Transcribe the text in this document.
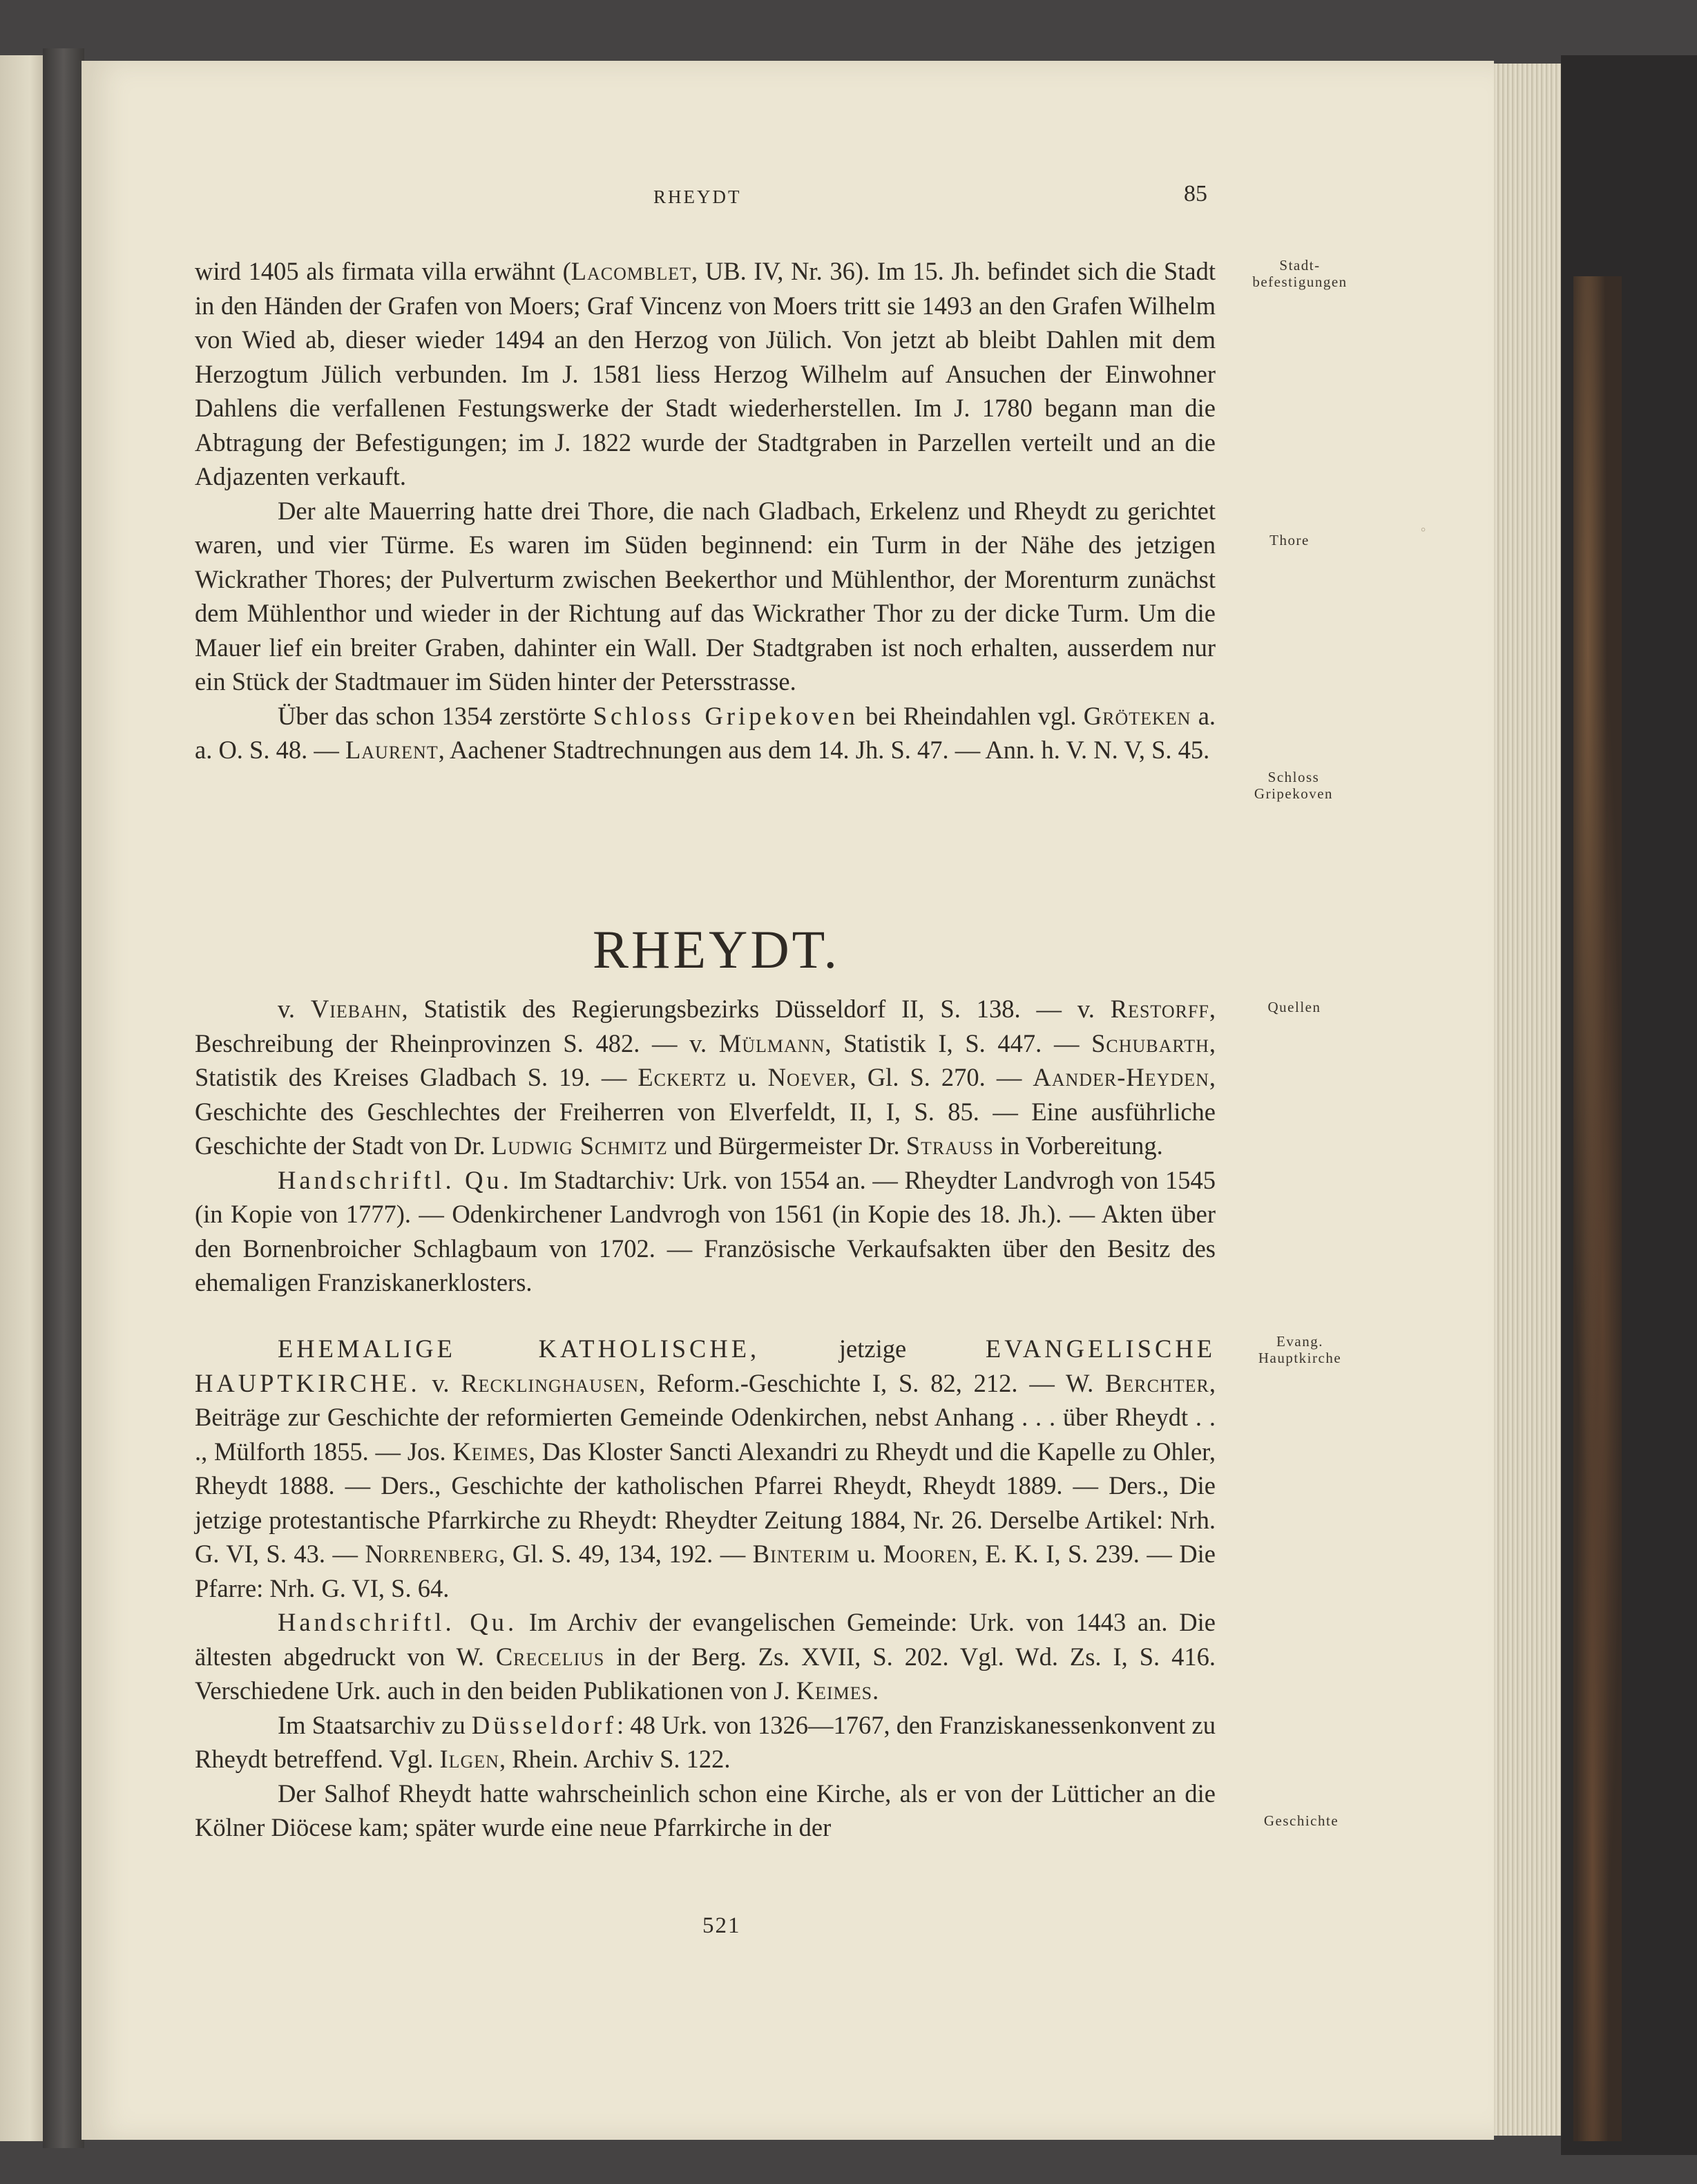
RHEYDT	85

wird 1405 als firmata villa erwähnt (Lacomblet, UB. IV, Nr. 36). Im 15. Jh. befindet sich die Stadt in den Händen der Grafen von Moers; Graf Vincenz von Moers tritt sie 1493 an den Grafen Wilhelm von Wied ab, dieser wieder 1494 an den Herzog von Jülich. Von jetzt ab bleibt Dahlen mit dem Herzogtum Jülich verbunden. Im J. 1581 liess Herzog Wilhelm auf Ansuchen der Einwohner Dahlens die verfallenen Festungswerke der Stadt wiederherstellen. Im J. 1780 begann man die Abtragung der Befestigungen; im J. 1822 wurde der Stadtgraben in Parzellen verteilt und an die Adjazenten verkauft.

Der alte Mauerring hatte drei Thore, die nach Gladbach, Erkelenz und Rheydt zu gerichtet waren, und vier Türme. Es waren im Süden beginnend: ein Turm in der Nähe des jetzigen Wickrather Thores; der Pulverturm zwischen Beekerthor und Mühlenthor, der Morenturm zunächst dem Mühlenthor und wieder in der Richtung auf das Wickrather Thor zu der dicke Turm. Um die Mauer lief ein breiter Graben, dahinter ein Wall. Der Stadtgraben ist noch erhalten, ausserdem nur ein Stück der Stadtmauer im Süden hinter der Petersstrasse.

Über das schon 1354 zerstörte Schloss Gripekoven bei Rheindahlen vgl. Gröteken a. a. O. S. 48. — Laurent, Aachener Stadtrechnungen aus dem 14. Jh. S. 47. — Ann. h. V. N. V, S. 45.

Stadt-
befestigungen
Thore
Schloss
Gripekoven
°
RHEYDT.
Quellen

v. Viebahn, Statistik des Regierungsbezirks Düsseldorf II, S. 138. — v. Restorff, Beschreibung der Rheinprovinzen S. 482. — v. Mülmann, Statistik I, S. 447. — Schubarth, Statistik des Kreises Gladbach S. 19. — Eckertz u. Noever, Gl. S. 270. — Aander-Heyden, Geschichte des Geschlechtes der Freiherren von Elverfeldt, II, I, S. 85. — Eine ausführliche Geschichte der Stadt von Dr. Ludwig Schmitz und Bürgermeister Dr. Strauss in Vorbereitung.

Handschriftl. Qu. Im Stadtarchiv: Urk. von 1554 an. — Rheydter Landvrogh von 1545 (in Kopie von 1777). — Odenkirchener Landvrogh von 1561 (in Kopie des 18. Jh.). — Akten über den Bornenbroicher Schlagbaum von 1702. — Französische Verkaufsakten über den Besitz des ehemaligen Franziskanerklosters.

Evang.
Hauptkirche

EHEMALIGE KATHOLISCHE, jetzige EVANGELISCHE HAUPTKIRCHE. v. Recklinghausen, Reform.-Geschichte I, S. 82, 212. — W. Berchter, Beiträge zur Geschichte der reformierten Gemeinde Odenkirchen, nebst Anhang . . . über Rheydt . . ., Mülforth 1855. — Jos. Keimes, Das Kloster Sancti Alexandri zu Rheydt und die Kapelle zu Ohler, Rheydt 1888. — Ders., Geschichte der katholischen Pfarrei Rheydt, Rheydt 1889. — Ders., Die jetzige protestantische Pfarrkirche zu Rheydt: Rheydter Zeitung 1884, Nr. 26. Derselbe Artikel: Nrh. G. VI, S. 43. — Norrenberg, Gl. S. 49, 134, 192. — Binterim u. Mooren, E. K. I, S. 239. — Die Pfarre: Nrh. G. VI, S. 64.

Handschriftl. Qu. Im Archiv der evangelischen Gemeinde: Urk. von 1443 an. Die ältesten abgedruckt von W. Crecelius in der Berg. Zs. XVII, S. 202. Vgl. Wd. Zs. I, S. 416. Verschiedene Urk. auch in den beiden Publikationen von J. Keimes.

Im Staatsarchiv zu Düsseldorf: 48 Urk. von 1326—1767, den Franziskanessenkonvent zu Rheydt betreffend. Vgl. Ilgen, Rhein. Archiv S. 122.

Der Salhof Rheydt hatte wahrscheinlich schon eine Kirche, als er von der Lütticher an die Kölner Diöcese kam; später wurde eine neue Pfarrkirche in der	Geschichte
521
